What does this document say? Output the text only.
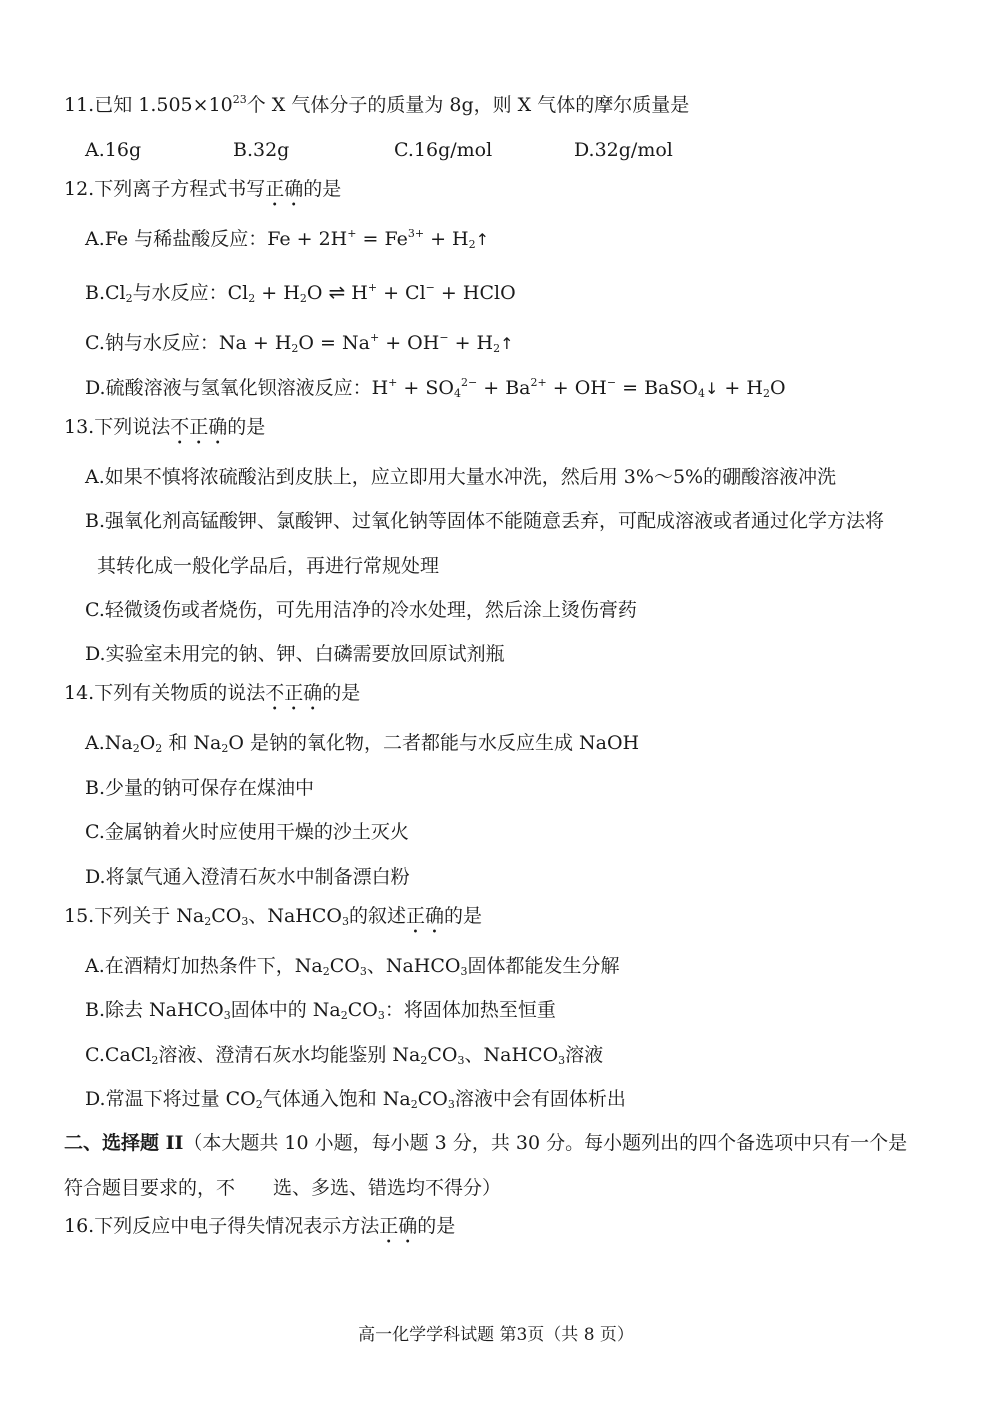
11.已知 $1.505\times 10^{23}$个 X 气体分子的质量为 8g，则 X 气体的摩尔质量是
A.16g	B.32g	C.16g/mol	D.32g/mol
12.下列离子方程式书写正确的是
A.Fe 与稀盐酸反应：$Fe + 2H^+ = Fe^{3+}$ + $H_2↑$
$B.Cl_2$与水反应：$Cl_2 + H_2O$ ⇌ H+ + Cl− + HClO
C.钠与水反应：$Na + H_2O = Na^+ + OH^-$ + $H_2↑$
D.硫酸溶液与氢氧化钡溶液反应：$H^+ + SO_4^{2-} + Ba^{2+} + OH^-$ = BaSO$_4$↓ + $H_2O$
13.下列说法不正确的是
A.如果不慎将浓硫酸沾到皮肤上，应立即用大量水冲洗，然后用 3%～5%的硼酸溶液冲洗
B.强氧化剂高锰酸钾、氯酸钾、过氧化钠等固体不能随意丢弃，可配成溶液或者通过化学方法将
其转化成一般化学品后，再进行常规处理
C.轻微烫伤或者烧伤，可先用洁净的冷水处理，然后涂上烫伤膏药
D.实验室未用完的钠、钾、白磷需要放回原试剂瓶
14.下列有关物质的说法不正确的是
$A.Na_2O_2$ 和 $Na_2O$ 是钠的氧化物，二者都能与水反应生成 NaOH
B.少量的钠可保存在煤油中
C.金属钠着火时应使用干燥的沙土灭火
D.将氯气通入澄清石灰水中制备漂白粉
15.下列关于 $Na_2CO_3$、NaHCO$_3$的叙述正确的是
A.在酒精灯加热条件下，$Na_2CO_3$、NaHCO$_3$固体都能发生分解
B.除去 NaHCO$_3$固体中的 $Na_2CO_3$：将固体加热至恒重
C.CaCl$_2$溶液、澄清石灰水均能鉴别 $Na_2CO_3$、NaHCO$_3$溶液
D.常温下将过量 $CO_2$气体通入饱和 $Na_2CO_3$溶液中会有固体析出
二、选择题 II（本大题共 10 小题，每小题 3 分，共 30 分。每小题列出的四个备选项中只有一个是
符合题目要求的，不　　选、多选、错选均不得分）
16.下列反应中电子得失情况表示方法正确的是
高一化学学科试题 第3页（共 8 页）
